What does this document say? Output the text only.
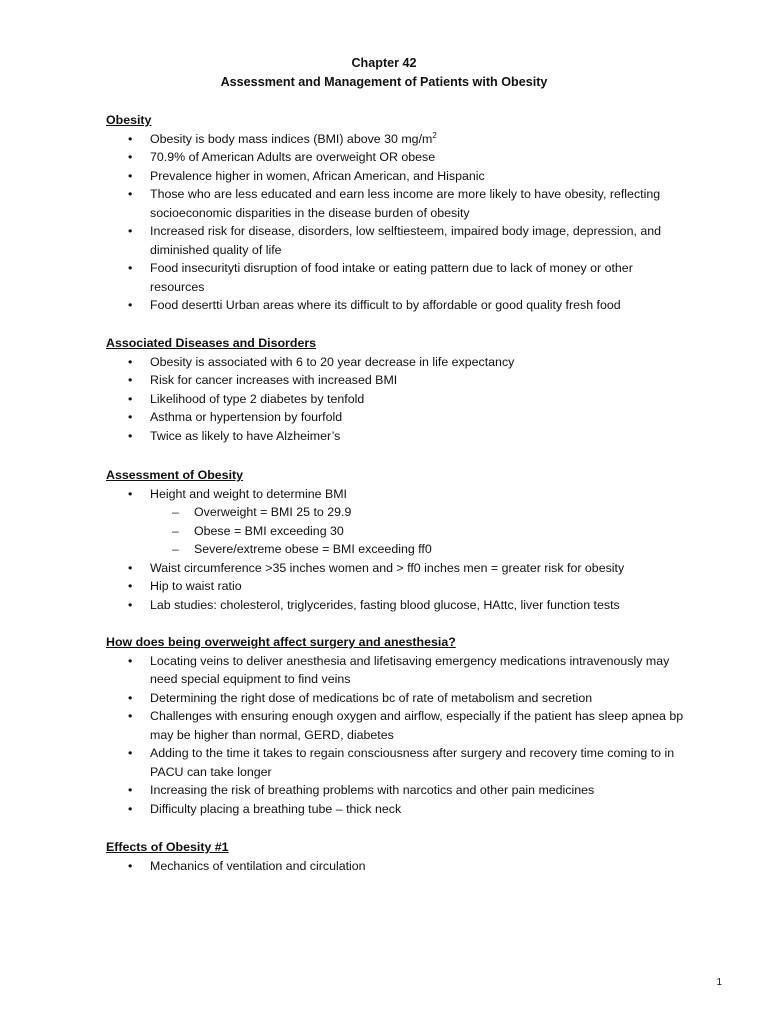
Chapter 42
Assessment and Management of Patients with Obesity
Obesity
• Obesity is body mass indices (BMI) above 30 $mg/m^2$
• 70.9% of American Adults are overweight OR obese
• Prevalence higher in women, African American, and Hispanic
• Those who are less educated and earn less income are more likely to have obesity, reflecting socioeconomic disparities in the disease burden of obesity
• Increased risk for disease, disorders, low selftiesteem, impaired body image, depression, and diminished quality of life
• Food insecurityti disruption of food intake or eating pattern due to lack of money or other resources
• Food desertti Urban areas where its difficult to by affordable or good quality fresh food
Associated Diseases and Disorders
• Obesity is associated with 6 to 20 year decrease in life expectancy
• Risk for cancer increases with increased BMI
• Likelihood of type 2 diabetes by tenfold
• Asthma or hypertension by fourfold
• Twice as likely to have Alzheimer’s
Assessment of Obesity
• Height and weight to determine BMI
– Overweight = BMI 25 to 29.9
– Obese = BMI exceeding 30
– Severe/extreme obese = BMI exceeding ff0
• Waist circumference >35 inches women and > ff0 inches men = greater risk for obesity
• Hip to waist ratio
• Lab studies: cholesterol, triglycerides, fasting blood glucose, HAttc, liver function tests
How does being overweight affect surgery and anesthesia?
• Locating veins to deliver anesthesia and lifetisaving emergency medications intravenously may need special equipment to find veins
• Determining the right dose of medications bc of rate of metabolism and secretion
• Challenges with ensuring enough oxygen and airflow, especially if the patient has sleep apnea bp may be higher than normal, GERD, diabetes
• Adding to the time it takes to regain consciousness after surgery and recovery time coming to in PACU can take longer
• Increasing the risk of breathing problems with narcotics and other pain medicines
• Difficulty placing a breathing tube – thick neck
Effects of Obesity #1
• Mechanics of ventilation and circulation
1
